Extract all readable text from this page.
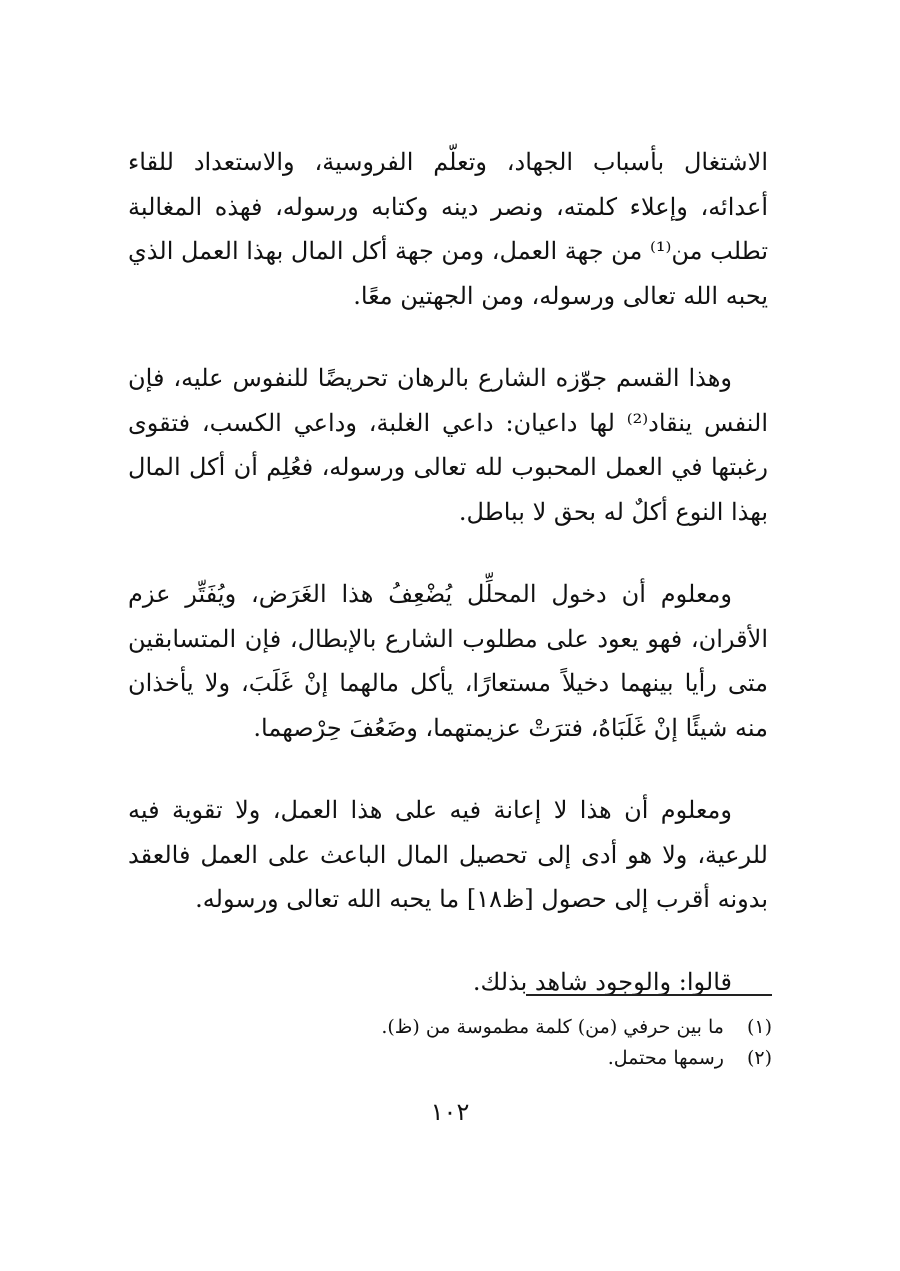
الاشتغال بأسباب الجهاد، وتعلّم الفروسية، والاستعداد للقاء أعدائه، وإعلاء كلمته، ونصر دينه وكتابه ورسوله، فهذه المغالبة تطلب من⁽¹⁾ من جهة العمل، ومن جهة أكل المال بهذا العمل الذي يحبه الله تعالى ورسوله، ومن الجهتين معًا.

وهذا القسم جوّزه الشارع بالرهان تحريضًا للنفوس عليه، فإن النفس ينقاد⁽²⁾ لها داعيان: داعي الغلبة، وداعي الكسب، فتقوى رغبتها في العمل المحبوب لله تعالى ورسوله، فعُلِم أن أكل المال بهذا النوع أكلٌ له بحق لا بباطل.

ومعلوم أن دخول المحلِّل يُضْعِفُ هذا الغَرَض، ويُفَتِّر عزم الأقران، فهو يعود على مطلوب الشارع بالإبطال، فإن المتسابقين متى رأيا بينهما دخيلاً مستعارًا، يأكل مالهما إنْ غَلَبَ، ولا يأخذان منه شيئًا إنْ غَلَبَاهُ، فترَتْ عزيمتهما، وضَعُفَ حِرْصهما.

ومعلوم أن هذا لا إعانة فيه على هذا العمل، ولا تقوية فيه للرعية، ولا هو أدى إلى تحصيل المال الباعث على العمل فالعقد بدونه أقرب إلى حصول [ظ١٨] ما يحبه الله تعالى ورسوله.

قالوا: والوجود شاهد بذلك.

(١) ما بين حرفي (من) كلمة مطموسة من (ظ).

(٢) رسمها محتمل.

١٠٢
